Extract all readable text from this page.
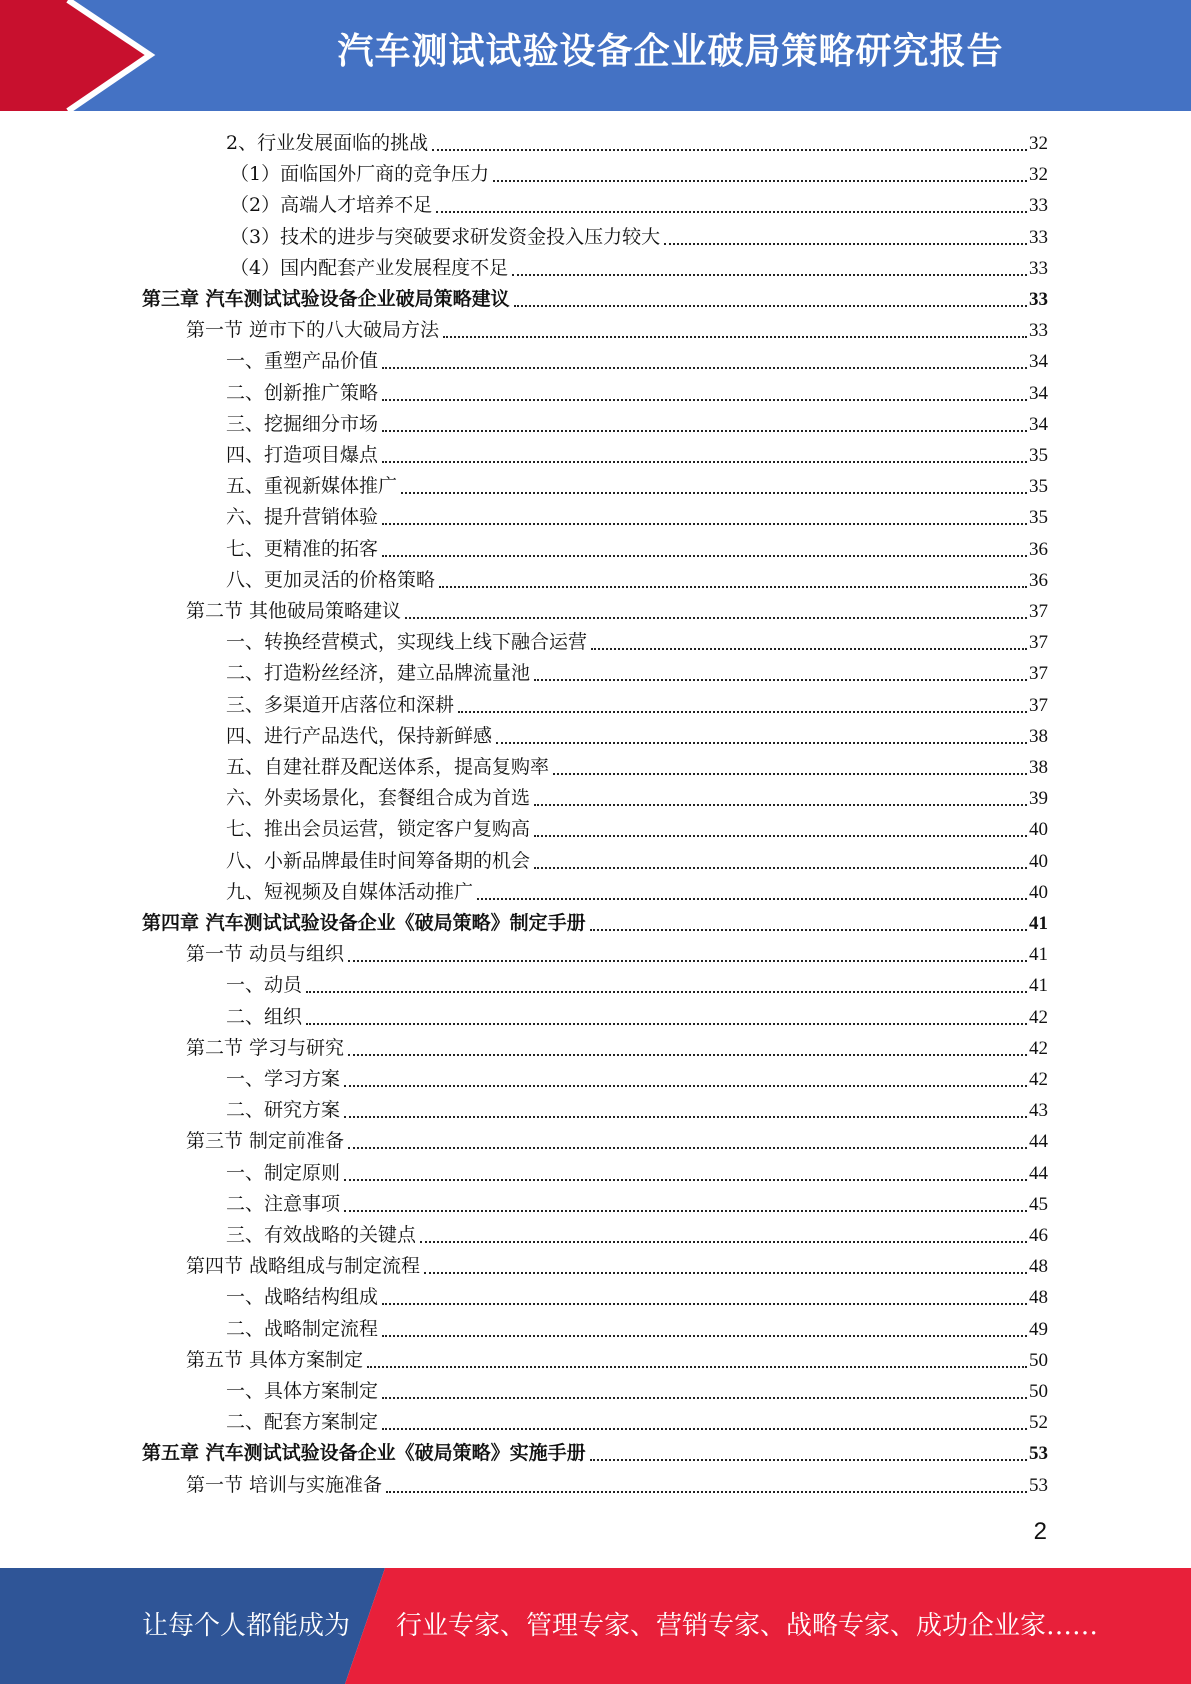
汽车测试试验设备企业破局策略研究报告
2、行业发展面临的挑战	32
（1）面临国外厂商的竞争压力	32
（2）高端人才培养不足	33
（3）技术的进步与突破要求研发资金投入压力较大	33
（4）国内配套产业发展程度不足	33
第三章 汽车测试试验设备企业破局策略建议	33
第一节 逆市下的八大破局方法	33
一、重塑产品价值	34
二、创新推广策略	34
三、挖掘细分市场	34
四、打造项目爆点	35
五、重视新媒体推广	35
六、提升营销体验	35
七、更精准的拓客	36
八、更加灵活的价格策略	36
第二节 其他破局策略建议	37
一、转换经营模式，实现线上线下融合运营	37
二、打造粉丝经济，建立品牌流量池	37
三、多渠道开店落位和深耕	37
四、进行产品迭代，保持新鲜感	38
五、自建社群及配送体系，提高复购率	38
六、外卖场景化，套餐组合成为首选	39
七、推出会员运营，锁定客户复购高	40
八、小新品牌最佳时间筹备期的机会	40
九、短视频及自媒体活动推广	40
第四章 汽车测试试验设备企业《破局策略》制定手册	41
第一节 动员与组织	41
一、动员	41
二、组织	42
第二节 学习与研究	42
一、学习方案	42
二、研究方案	43
第三节 制定前准备	44
一、制定原则	44
二、注意事项	45
三、有效战略的关键点	46
第四节 战略组成与制定流程	48
一、战略结构组成	48
二、战略制定流程	49
第五节 具体方案制定	50
一、具体方案制定	50
二、配套方案制定	52
第五章 汽车测试试验设备企业《破局策略》实施手册	53
第一节 培训与实施准备	53
2
让每个人都能成为 行业专家、管理专家、营销专家、战略专家、成功企业家……
